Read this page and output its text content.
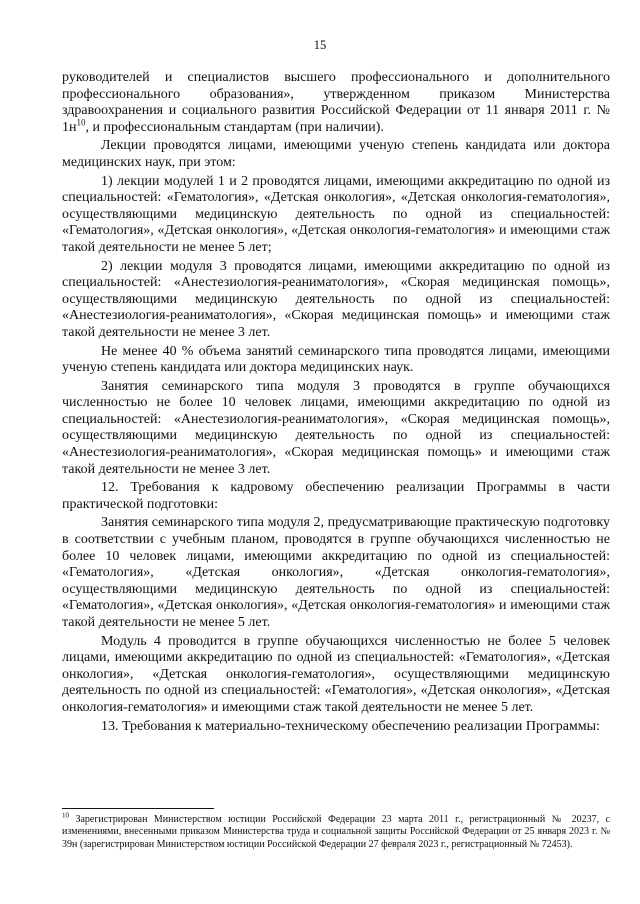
15

руководителей и специалистов высшего профессионального и дополнительного профессионального образования», утвержденном приказом Министерства здравоохранения и социального развития Российской Федерации от 11 января 2011 г. № $1н^{10}$, и профессиональным стандартам (при наличии).

Лекции проводятся лицами, имеющими ученую степень кандидата или доктора медицинских наук, при этом:

1) лекции модулей 1 и 2 проводятся лицами, имеющими аккредитацию по одной из специальностей: «Гематология», «Детская онкология», «Детская онкология-гематология», осуществляющими медицинскую деятельность по одной из специальностей: «Гематология», «Детская онкология», «Детская онкология-гематология» и имеющими стаж такой деятельности не менее 5 лет;

2) лекции модуля 3 проводятся лицами, имеющими аккредитацию по одной из специальностей: «Анестезиология-реаниматология», «Скорая медицинская помощь», осуществляющими медицинскую деятельность по одной из специальностей: «Анестезиология-реаниматология», «Скорая медицинская помощь» и имеющими стаж такой деятельности не менее 3 лет.

Не менее 40 % объема занятий семинарского типа проводятся лицами, имеющими ученую степень кандидата или доктора медицинских наук.

Занятия семинарского типа модуля 3 проводятся в группе обучающихся численностью не более 10 человек лицами, имеющими аккредитацию по одной из специальностей: «Анестезиология-реаниматология», «Скорая медицинская помощь», осуществляющими медицинскую деятельность по одной из специальностей: «Анестезиология-реаниматология», «Скорая медицинская помощь» и имеющими стаж такой деятельности не менее 3 лет.

12. Требования к кадровому обеспечению реализации Программы в части практической подготовки:

Занятия семинарского типа модуля 2, предусматривающие практическую подготовку в соответствии с учебным планом, проводятся в группе обучающихся численностью не более 10 человек лицами, имеющими аккредитацию по одной из специальностей: «Гематология», «Детская онкология», «Детская онкология-гематология», осуществляющими медицинскую деятельность по одной из специальностей: «Гематология», «Детская онкология», «Детская онкология-гематология» и имеющими стаж такой деятельности не менее 5 лет.

Модуль 4 проводится в группе обучающихся численностью не более 5 человек лицами, имеющими аккредитацию по одной из специальностей: «Гематология», «Детская онкология», «Детская онкология-гематология», осуществляющими медицинскую деятельность по одной из специальностей: «Гематология», «Детская онкология», «Детская онкология-гематология» и имеющими стаж такой деятельности не менее 5 лет.

13. Требования к материально-техническому обеспечению реализации Программы:

$^{10}$ Зарегистрирован Министерством юстиции Российской Федерации 23 марта 2011 г., регистрационный № 20237, с изменениями, внесенными приказом Министерства труда и социальной защиты Российской Федерации от 25 января 2023 г. № 39н (зарегистрирован Министерством юстиции Российской Федерации 27 февраля 2023 г., регистрационный № 72453).
